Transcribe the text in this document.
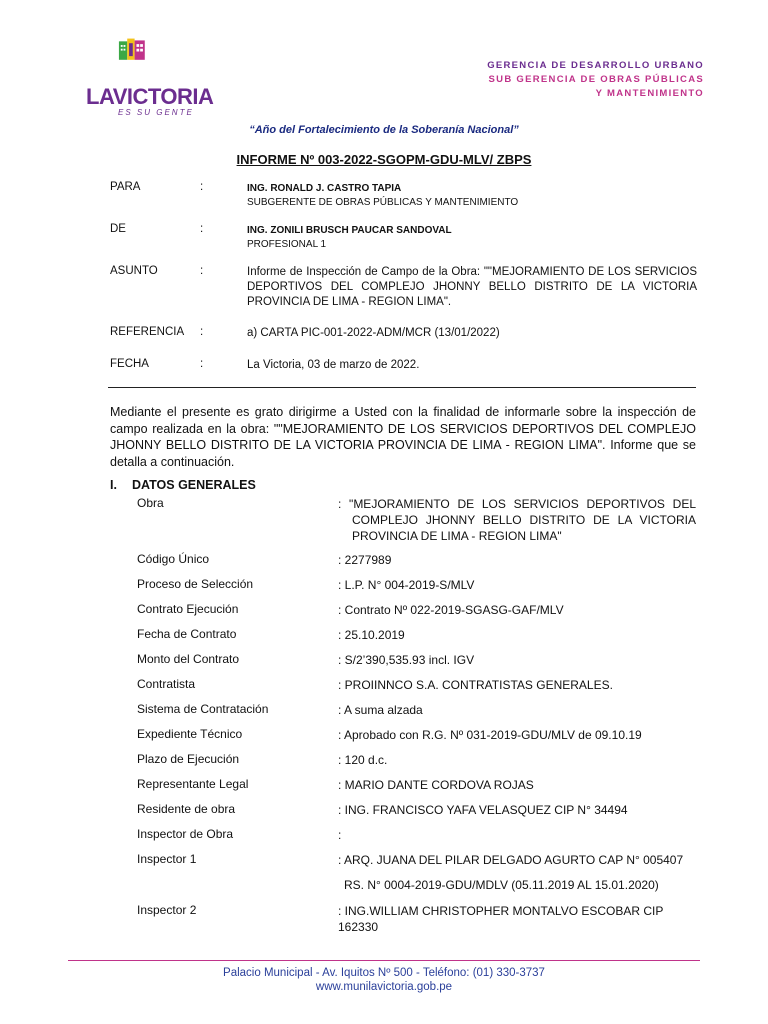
LAVICTORIA
ES SU GENTE
GERENCIA DE DESARROLLO URBANO
SUB GERENCIA DE OBRAS PÚBLICAS
Y MANTENIMIENTO
“Año del Fortalecimiento de la Soberanía Nacional”
INFORME Nº 003-2022-SGOPM-GDU-MLV/ ZBPS
PARA	:	ING. RONALD J. CASTRO TAPIA
SUBGERENTE DE OBRAS PÚBLICAS Y MANTENIMIENTO
DE	:	ING. ZONILI BRUSCH PAUCAR SANDOVAL
PROFESIONAL 1
ASUNTO	:	Informe de Inspección de Campo de la Obra: ""MEJORAMIENTO DE LOS SERVICIOS DEPORTIVOS DEL COMPLEJO JHONNY BELLO DISTRITO DE LA VICTORIA PROVINCIA DE LIMA - REGION LIMA".
REFERENCIA :	a) CARTA PIC-001-2022-ADM/MCR (13/01/2022)
FECHA	:	La Victoria, 03 de marzo de 2022.
Mediante el presente es grato dirigirme a Usted con la finalidad de informarle sobre la inspección de campo realizada en la obra: ""MEJORAMIENTO DE LOS SERVICIOS DEPORTIVOS DEL COMPLEJO JHONNY BELLO DISTRITO DE LA VICTORIA PROVINCIA DE LIMA - REGION LIMA". Informe que se detalla a continuación.
I. DATOS GENERALES
Obra	: "MEJORAMIENTO DE LOS SERVICIOS DEPORTIVOS DEL COMPLEJO JHONNY BELLO DISTRITO DE LA VICTORIA PROVINCIA DE LIMA - REGION LIMA"
Código Único	: 2277989
Proceso de Selección	: L.P. N° 004-2019-S/MLV
Contrato Ejecución	: Contrato Nº 022-2019-SGASG-GAF/MLV
Fecha de Contrato	: 25.10.2019
Monto del Contrato	: S/2’390,535.93 incl. IGV
Contratista	: PROIINNCO S.A. CONTRATISTAS GENERALES.
Sistema de Contratación	: A suma alzada
Expediente Técnico	: Aprobado con R.G. Nº 031-2019-GDU/MLV de 09.10.19
Plazo de Ejecución	: 120 d.c.
Representante Legal	: MARIO DANTE CORDOVA ROJAS
Residente de obra	: ING. FRANCISCO YAFA VELASQUEZ CIP N° 34494
Inspector de Obra	:
Inspector 1	: ARQ. JUANA DEL PILAR DELGADO AGURTO CAP N° 005407
RS. N° 0004-2019-GDU/MDLV (05.11.2019 AL 15.01.2020)
Inspector 2	: ING.WILLIAM CHRISTOPHER MONTALVO ESCOBAR CIP 162330
Palacio Municipal - Av. Iquitos Nº 500 - Teléfono: (01) 330-3737
www.munilavictoria.gob.pe
